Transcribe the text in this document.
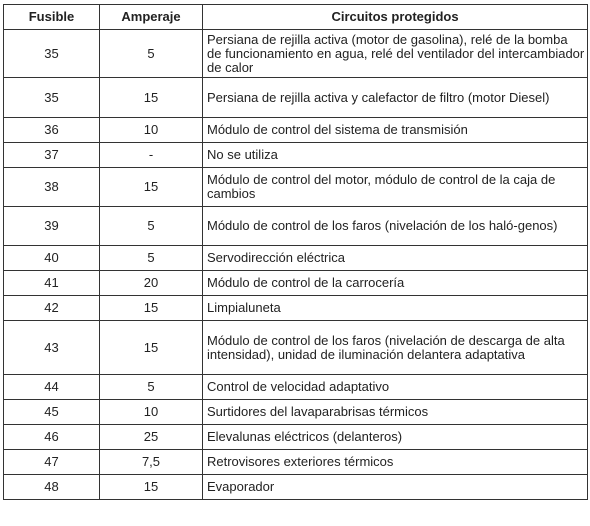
Fusible	Amperaje	Circuitos protegidos
35	5	Persiana de rejilla activa (motor de gasolina), relé de la bomba de funcionamiento en agua, relé del ventilador del intercambiador de calor
35	15	Persiana de rejilla activa y calefactor de filtro (motor Diesel)
36	10	Módulo de control del sistema de transmisión
37	-	No se utiliza
38	15	Módulo de control del motor, módulo de control de la caja de cambios
39	5	Módulo de control de los faros (nivelación de los haló-genos)
40	5	Servodirección eléctrica
41	20	Módulo de control de la carrocería
42	15	Limpialuneta
43	15	Módulo de control de los faros (nivelación de descarga de alta intensidad), unidad de iluminación delantera adaptativa
44	5	Control de velocidad adaptativo
45	10	Surtidores del lavaparabrisas térmicos
46	25	Elevalunas eléctricos (delanteros)
47	7,5	Retrovisores exteriores térmicos
48	15	Evaporador
